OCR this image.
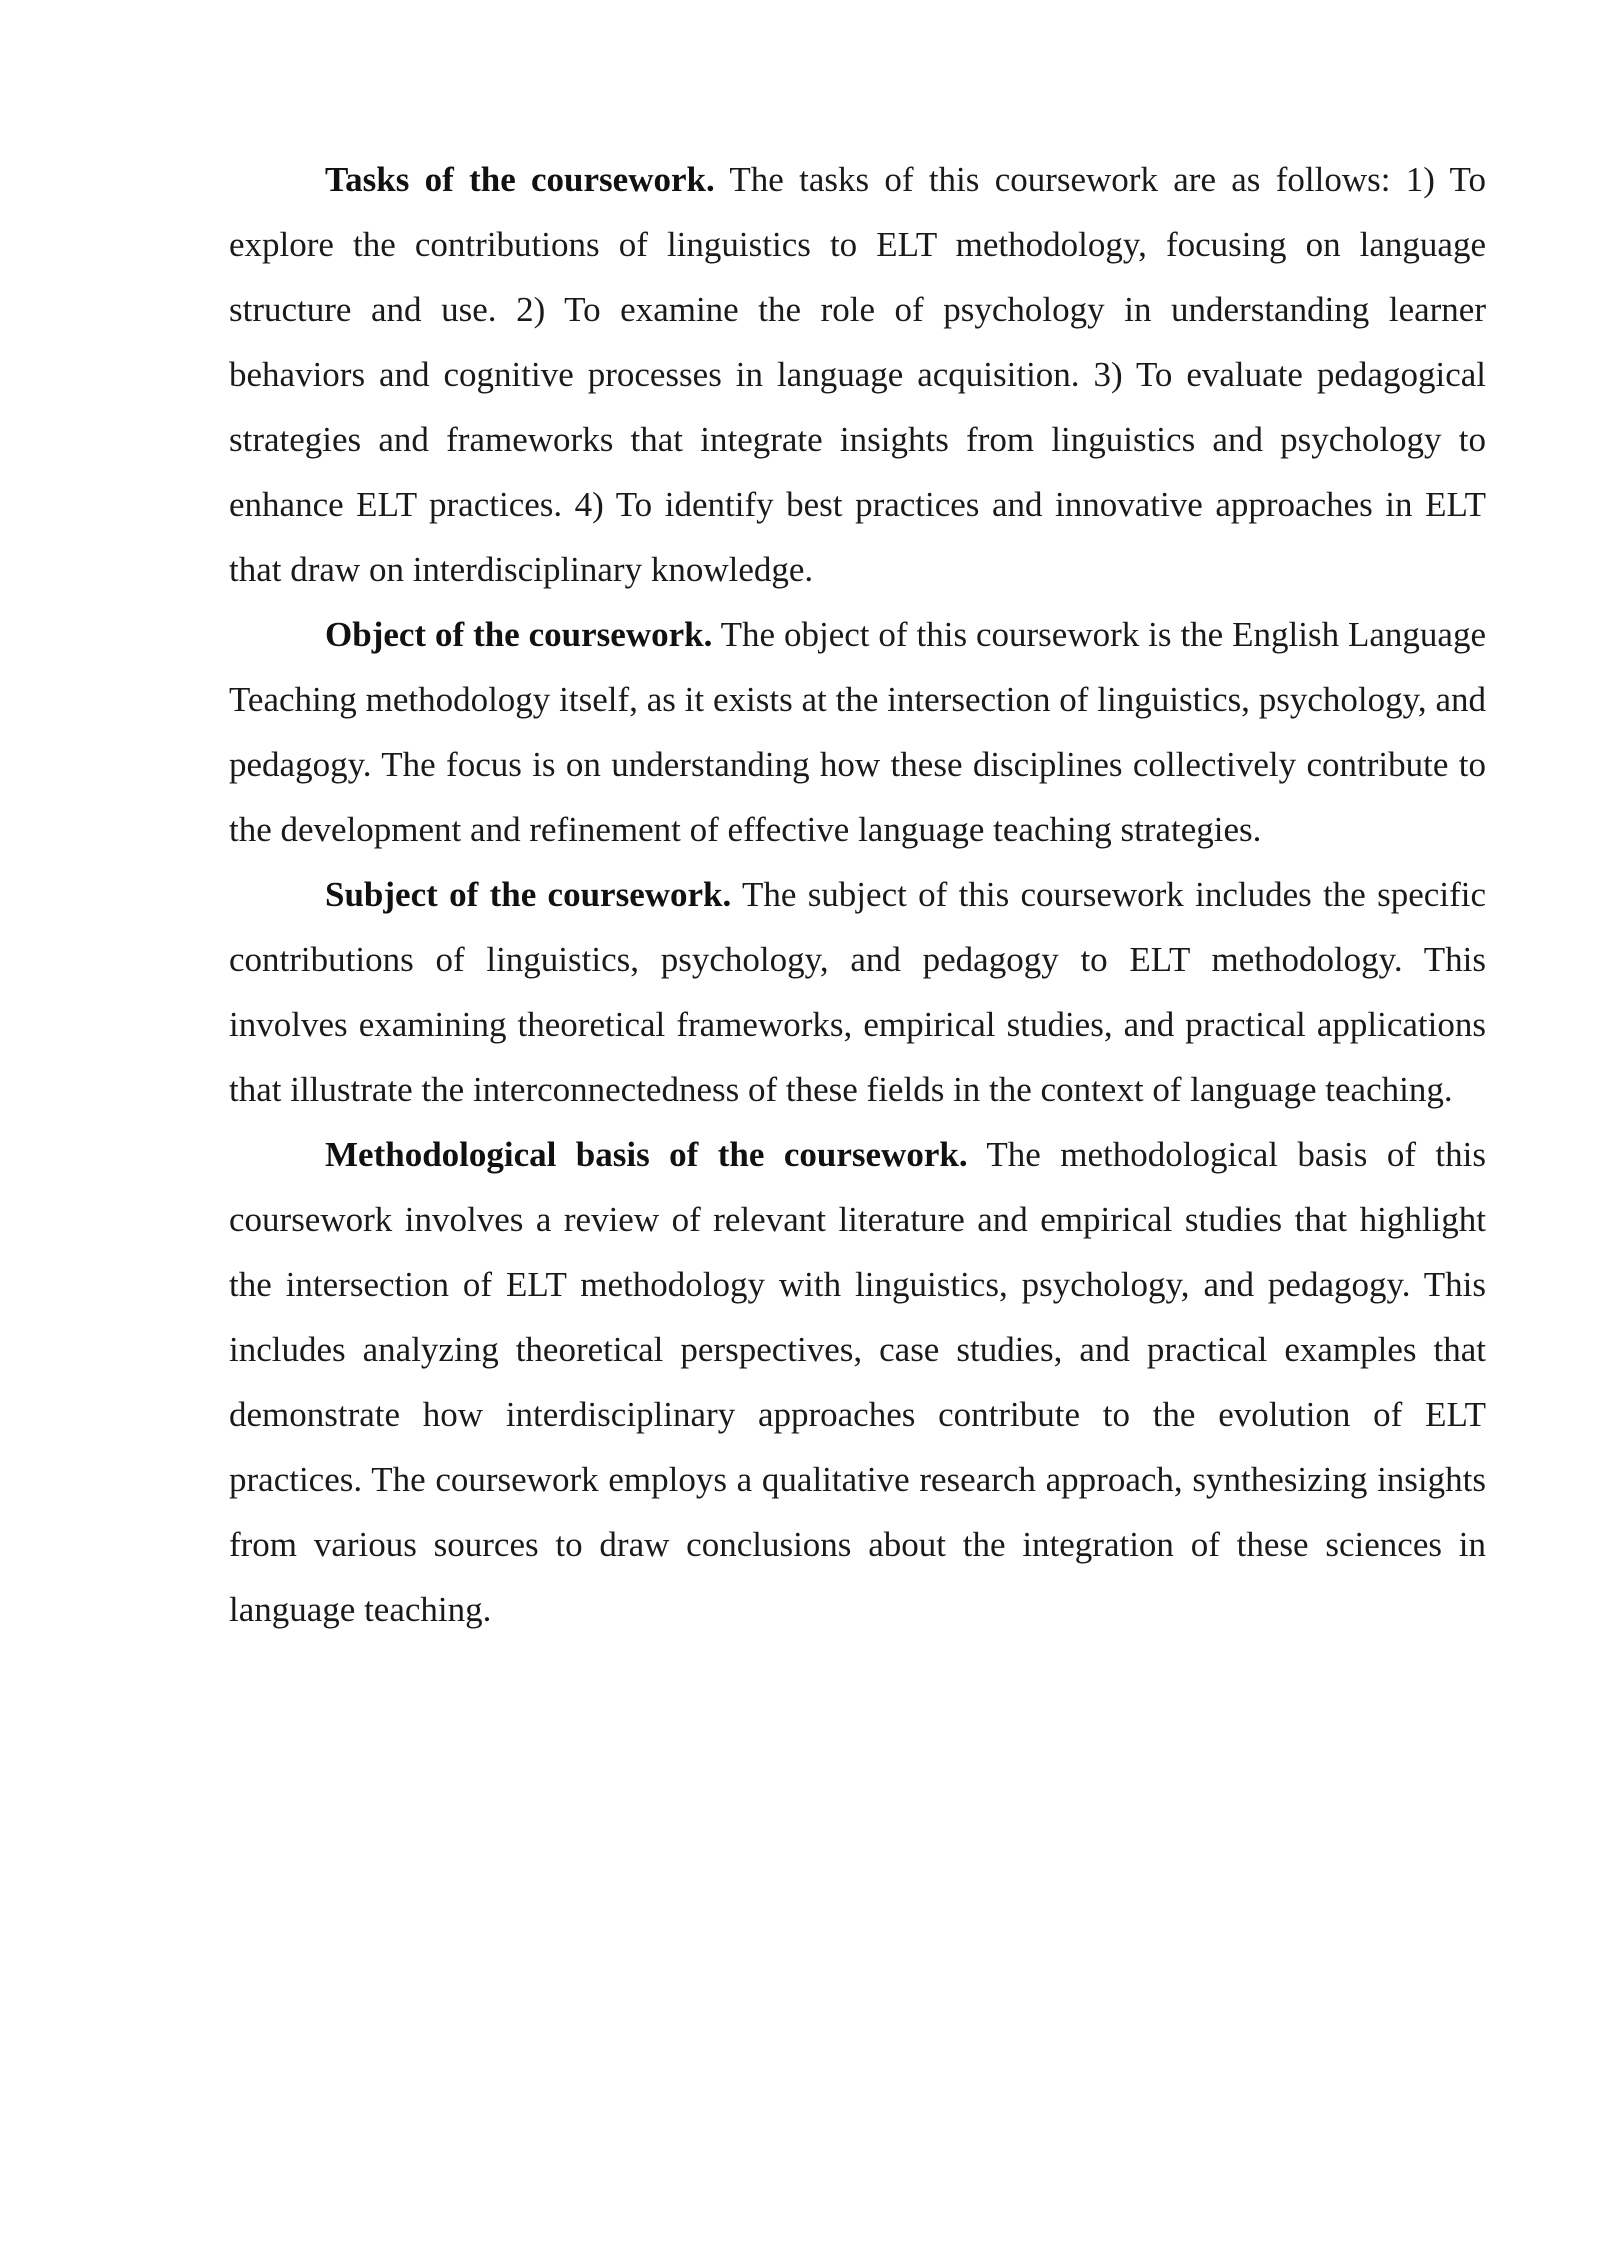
Tasks of the coursework. The tasks of this coursework are as follows: 1) To explore the contributions of linguistics to ELT methodology, focusing on language structure and use. 2) To examine the role of psychology in understanding learner behaviors and cognitive processes in language acquisition. 3) To evaluate pedagogical strategies and frameworks that integrate insights from linguistics and psychology to enhance ELT practices. 4) To identify best practices and innovative approaches in ELT that draw on interdisciplinary knowledge.

Object of the coursework. The object of this coursework is the English Language Teaching methodology itself, as it exists at the intersection of linguistics, psychology, and pedagogy. The focus is on understanding how these disciplines collectively contribute to the development and refinement of effective language teaching strategies.

Subject of the coursework. The subject of this coursework includes the specific contributions of linguistics, psychology, and pedagogy to ELT methodology. This involves examining theoretical frameworks, empirical studies, and practical applications that illustrate the interconnectedness of these fields in the context of language teaching.

Methodological basis of the coursework. The methodological basis of this coursework involves a review of relevant literature and empirical studies that highlight the intersection of ELT methodology with linguistics, psychology, and pedagogy. This includes analyzing theoretical perspectives, case studies, and practical examples that demonstrate how interdisciplinary approaches contribute to the evolution of ELT practices. The coursework employs a qualitative research approach, synthesizing insights from various sources to draw conclusions about the integration of these sciences in language teaching.
